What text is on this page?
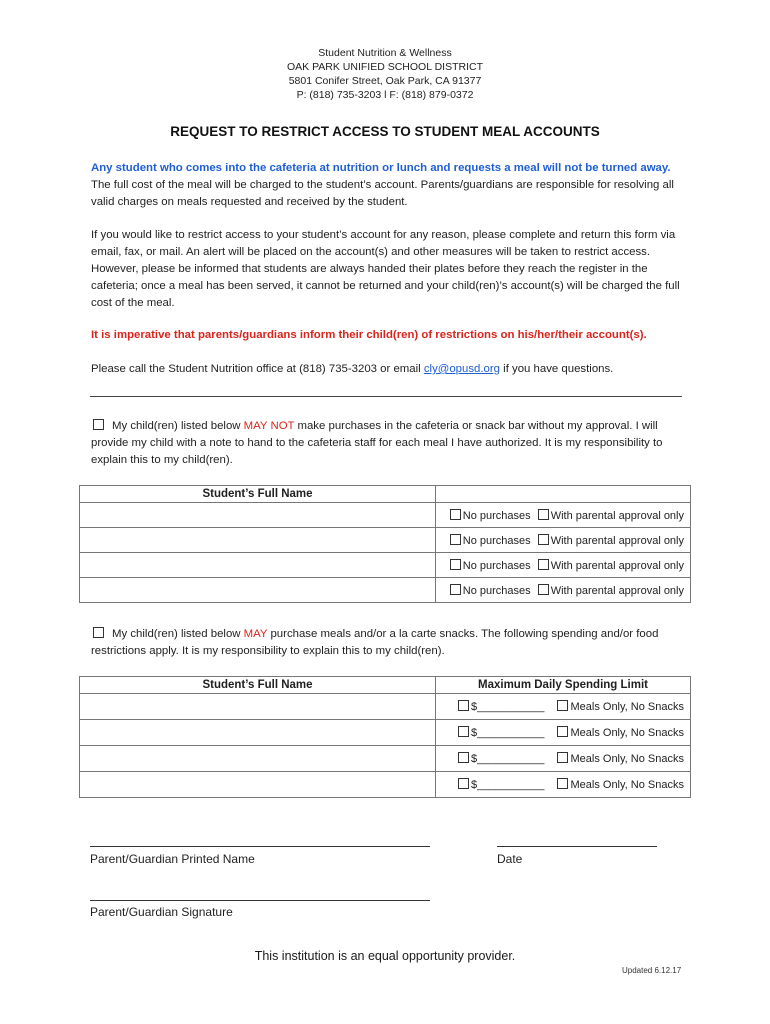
Student Nutrition & Wellness
OAK PARK UNIFIED SCHOOL DISTRICT
5801 Conifer Street, Oak Park, CA 91377
P: (818) 735-3203 l F: (818) 879-0372
REQUEST TO RESTRICT ACCESS TO STUDENT MEAL ACCOUNTS
Any student who comes into the cafeteria at nutrition or lunch and requests a meal will not be turned away. The full cost of the meal will be charged to the student’s account. Parents/guardians are responsible for resolving all valid charges on meals requested and received by the student.
If you would like to restrict access to your student’s account for any reason, please complete and return this form via email, fax, or mail. An alert will be placed on the account(s) and other measures will be taken to restrict access. However, please be informed that students are always handed their plates before they reach the register in the cafeteria; once a meal has been served, it cannot be returned and your child(ren)’s account(s) will be charged the full cost of the meal.
It is imperative that parents/guardians inform their child(ren) of restrictions on his/her/their account(s).
Please call the Student Nutrition office at (818) 735-3203 or email cly@opusd.org if you have questions.
My child(ren) listed below MAY NOT make purchases in the cafeteria or snack bar without my approval. I will provide my child with a note to hand to the cafeteria staff for each meal I have authorized. It is my responsibility to explain this to my child(ren).
Student’s Full Name	
	No purchases With parental approval only
	No purchases With parental approval only
	No purchases With parental approval only
	No purchases With parental approval only
My child(ren) listed below MAY purchase meals and/or a la carte snacks. The following spending and/or food restrictions apply. It is my responsibility to explain this to my child(ren).
Student’s Full Name	Maximum Daily Spending Limit
	$___________ Meals Only, No Snacks
	$___________ Meals Only, No Snacks
	$___________ Meals Only, No Snacks
	$___________ Meals Only, No Snacks
Parent/Guardian Printed Name	Date
Parent/Guardian Signature
This institution is an equal opportunity provider.
Updated 6.12.17
